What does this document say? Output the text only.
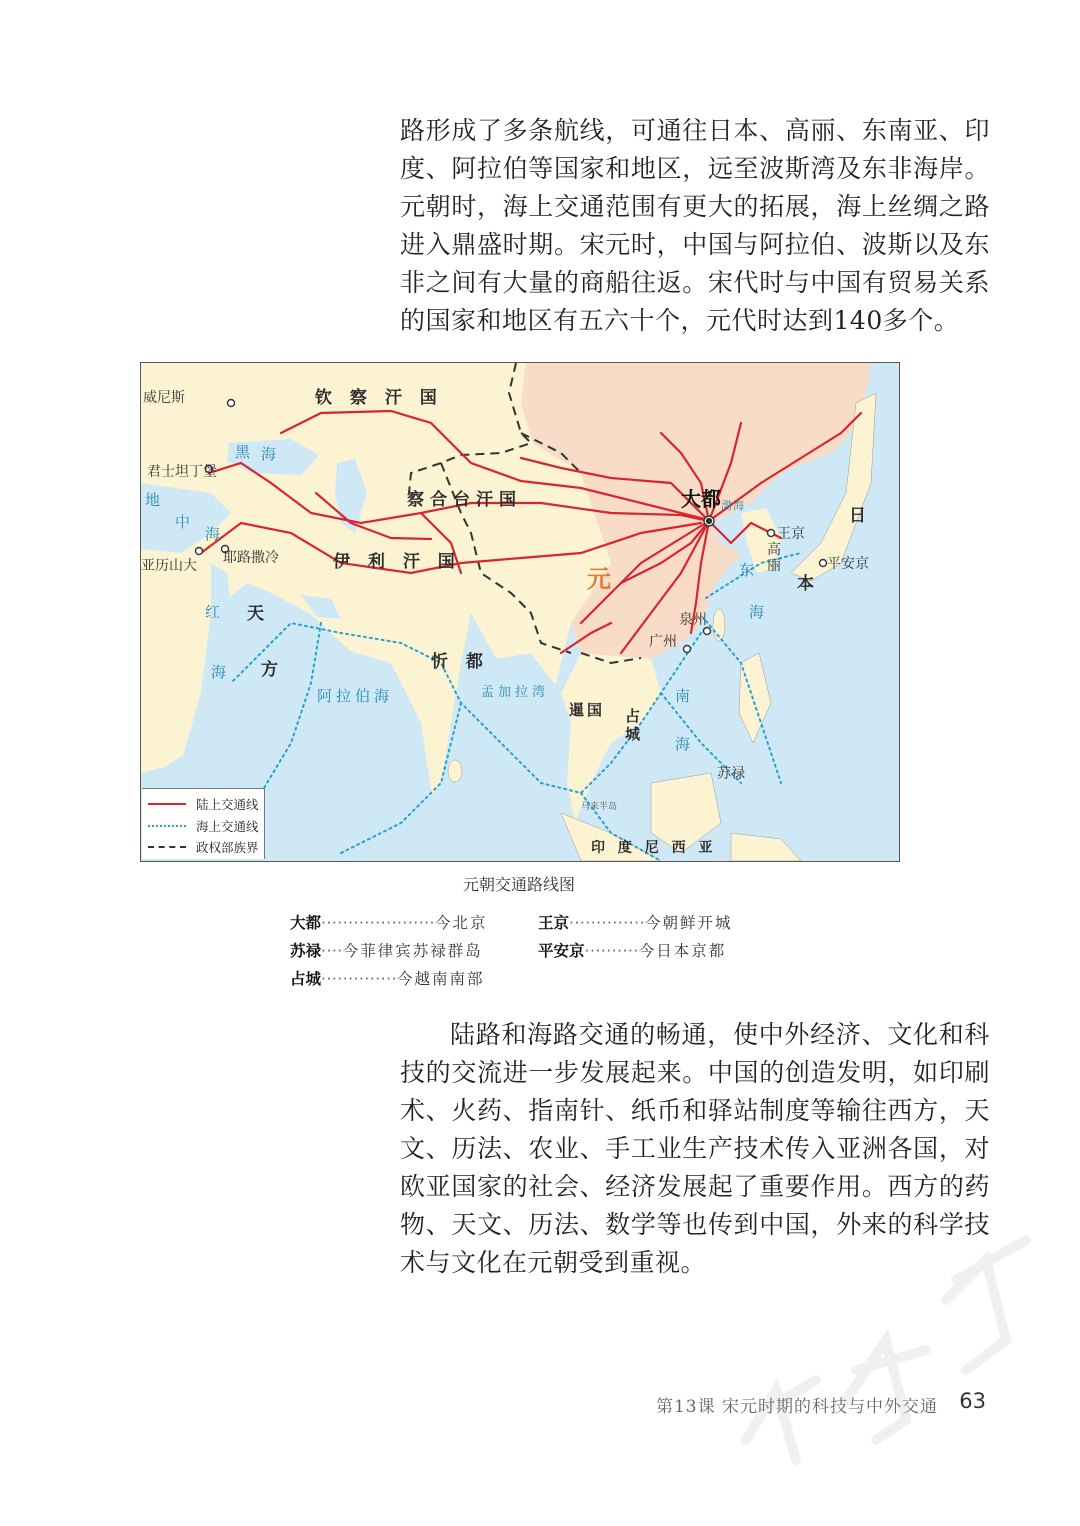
路形成了多条航线，可通往日本、高丽、东南亚、印度、阿拉伯等国家和地区，远至波斯湾及东非海岸。元朝时，海上交通范围有更大的拓展，海上丝绸之路进入鼎盛时期。宋元时，中国与阿拉伯、波斯以及东非之间有大量的商船往返。宋代时与中国有贸易关系的国家和地区有五六十个，元代时达到140多个。

威尼斯	钦 察 汗 国
察合台汗国
伊 利 汗 国
君士坦丁堡
亚历山大 耶路撒冷
黑 海
地
中
海
红
海
天
方	忻 都
阿拉伯海	孟加拉湾
暹国 占
城
元
大都
泉州
广州
王京
高
丽	平安京
日
本
东
海
南
海
渤海
苏禄
印 度 尼 西 亚
马来半岛
陆上交通线
海上交通线
政权部族界
元朝交通路线图
大都·····················今北京	王京··············今朝鲜开城
苏禄····今菲律宾苏禄群岛	平安京··········今日本京都
占城··············今越南南部

陆路和海路交通的畅通，使中外经济、文化和科技的交流进一步发展起来。中国的创造发明，如印刷术、火药、指南针、纸币和驿站制度等输往西方，天文、历法、农业、手工业生产技术传入亚洲各国，对欧亚国家的社会、经济发展起了重要作用。西方的药物、天文、历法、数学等也传到中国，外来的科学技术与文化在元朝受到重视。

第13课 宋元时期的科技与中外交通 63
